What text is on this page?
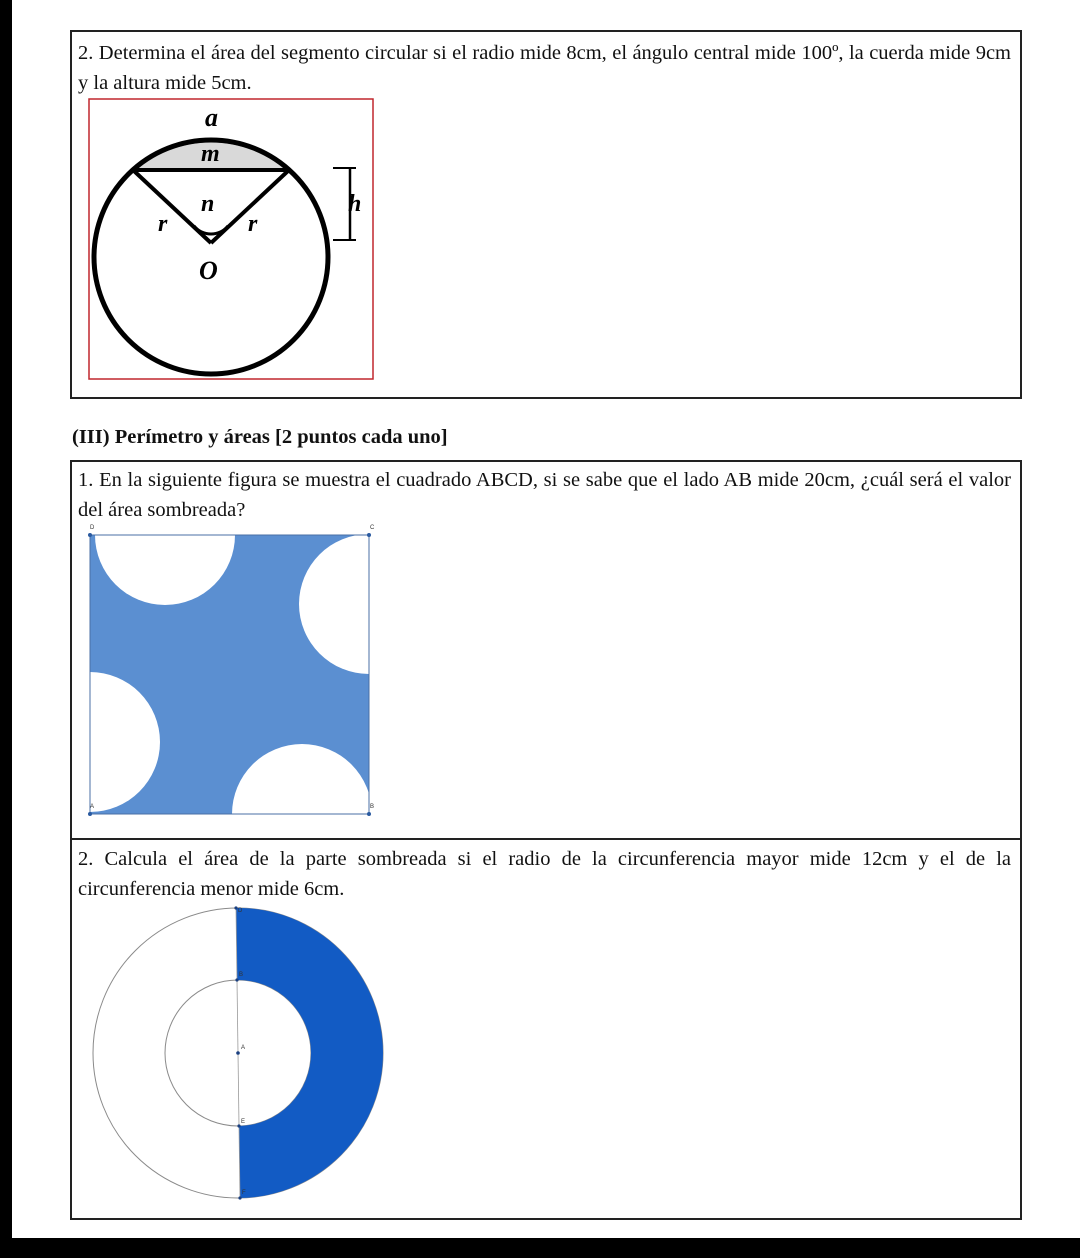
2. Determina el área del segmento circular si el radio mide 8cm, el ángulo central mide 100º, la cuerda mide 9cm y la altura mide 5cm.

a
m
n
r	r
O
h

(III) Perímetro y áreas [2 puntos cada uno]

1. En la siguiente figura se muestra el cuadrado ABCD, si se sabe que el lado AB mide 20cm, ¿cuál será el valor del área sombreada?

D	C
A	B

2. Calcula el área de la parte sombreada si el radio de la circunferencia mayor mide 12cm y el de la circunferencia menor mide 6cm.

A
D
B
E
F
